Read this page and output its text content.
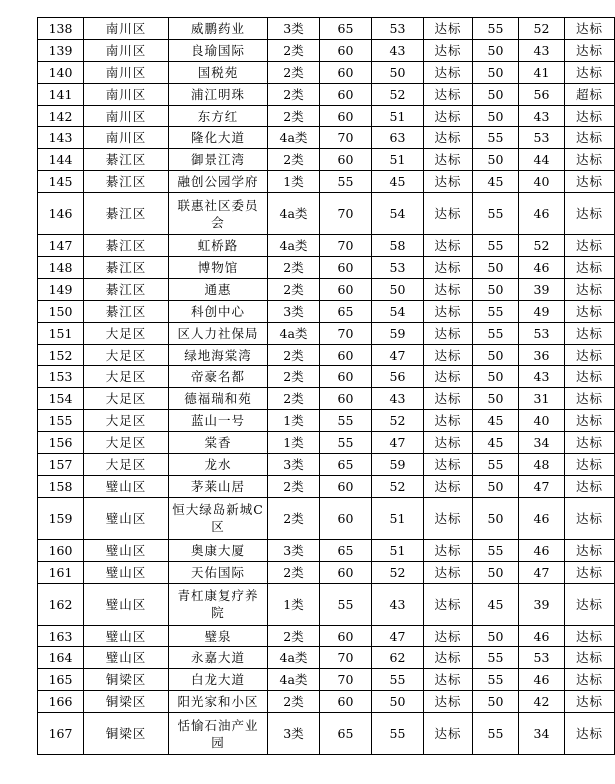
138	南川区	威鹏药业	3类	65	53	达标	55	52	达标
139	南川区	良瑜国际	2类	60	43	达标	50	43	达标
140	南川区	国税苑	2类	60	50	达标	50	41	达标
141	南川区	浦江明珠	2类	60	52	达标	50	56	超标
142	南川区	东方红	2类	60	51	达标	50	43	达标
143	南川区	隆化大道	4a类	70	63	达标	55	53	达标
144	綦江区	御景江湾	2类	60	51	达标	50	44	达标
145	綦江区	融创公园学府	1类	55	45	达标	45	40	达标
146	綦江区	联惠社区委员会	4a类	70	54	达标	55	46	达标
147	綦江区	虹桥路	4a类	70	58	达标	55	52	达标
148	綦江区	博物馆	2类	60	53	达标	50	46	达标
149	綦江区	通惠	2类	60	50	达标	50	39	达标
150	綦江区	科创中心	3类	65	54	达标	55	49	达标
151	大足区	区人力社保局	4a类	70	59	达标	55	53	达标
152	大足区	绿地海棠湾	2类	60	47	达标	50	36	达标
153	大足区	帝豪名都	2类	60	56	达标	50	43	达标
154	大足区	德福瑞和苑	2类	60	43	达标	50	31	达标
155	大足区	蓝山一号	1类	55	52	达标	45	40	达标
156	大足区	棠香	1类	55	47	达标	45	34	达标
157	大足区	龙水	3类	65	59	达标	55	48	达标
158	璧山区	茅莱山居	2类	60	52	达标	50	47	达标
159	璧山区	恒大绿岛新城C区	2类	60	51	达标	50	46	达标
160	璧山区	奥康大厦	3类	65	51	达标	55	46	达标
161	璧山区	天佑国际	2类	60	52	达标	50	47	达标
162	璧山区	青杠康复疗养院	1类	55	43	达标	45	39	达标
163	璧山区	璧泉	2类	60	47	达标	50	46	达标
164	璧山区	永嘉大道	4a类	70	62	达标	55	53	达标
165	铜梁区	白龙大道	4a类	70	55	达标	55	46	达标
166	铜梁区	阳光家和小区	2类	60	50	达标	50	42	达标
167	铜梁区	恬愉石油产业园	3类	65	55	达标	55	34	达标
